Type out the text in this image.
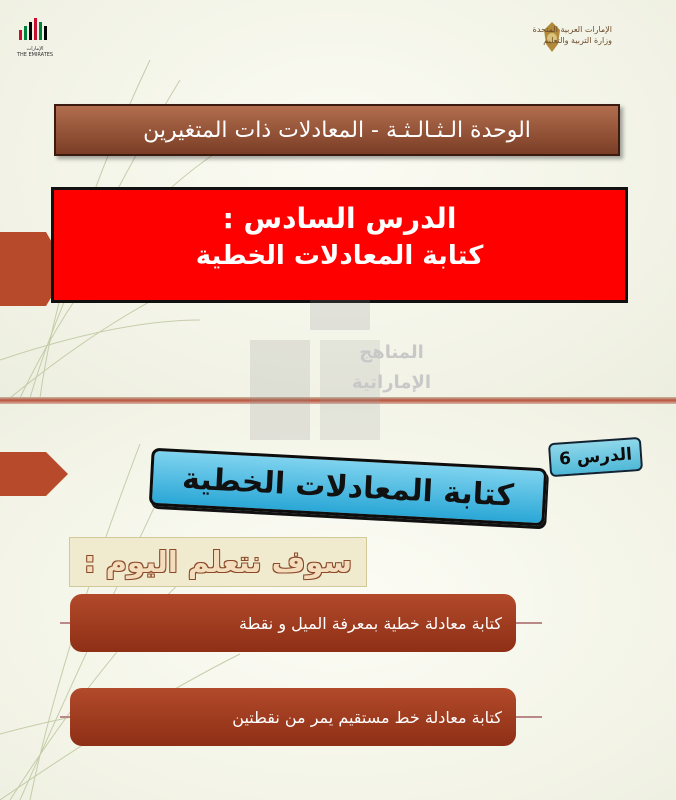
الإمارات
THE EMIRATES
الإمارات العربية المتحدة
وزارة التربية والتعليم
الوحدة الـثـالـثـة - المعادلات ذات المتغيرين
الدرس السادس :
كتابة المعادلات الخطية
المناهج
الإماراتية
الدرس 6
كتابة المعادلات الخطية
سوف نتعلم اليوم :
كتابة معادلة خطية بمعرفة الميل و نقطة
كتابة معادلة خط مستقيم يمر من نقطتين
